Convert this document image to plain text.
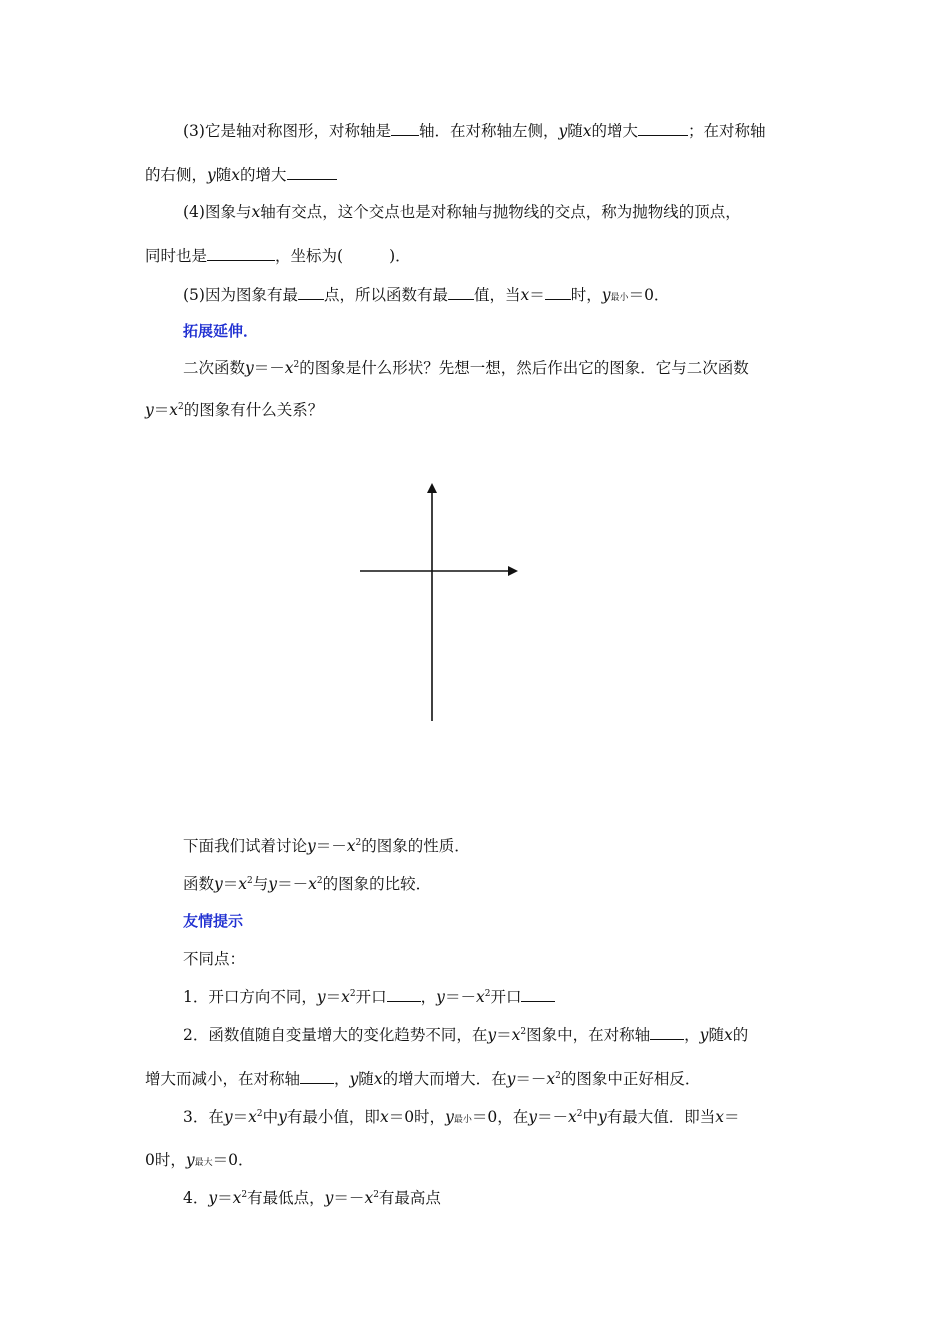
(3)它是轴对称图形，对称轴是 轴．在对称轴左侧，y随x的增大	；在对称轴
的右侧，y随x的增大
(4)图象与x轴有交点，这个交点也是对称轴与抛物线的交点，称为抛物线的顶点，
同时也是	，坐标为(	)．
(5)因为图象有最 点，所以函数有最 值，当x＝ 时，y最小＝0．
拓展延伸．
二次函数$y=-x^2$的图象是什么形状？先想一想，然后作出它的图象．它与二次函数
$y=x^2$的图象有什么关系？
下面我们试着讨论$y=-x^2$的图象的性质．
函数$y=x^2$与$y=-x^2$的图象的比较．
友情提示
不同点：
1．开口方向不同，$y=x^2$开口 ，$y=-x^2$开口
2．函数值随自变量增大的变化趋势不同，在$y=x^2$图象中，在对称轴 ，y随x的
增大而减小，在对称轴 ，y随x的增大而增大．在$y=-x^2$的图象中正好相反．
3．在$y=x^2$中y有最小值，即x＝0时，y最小＝0，在$y=-x^2$中y有最大值．即当x＝
0时，y最大＝0．
4．$y=x^2$有最低点，$y=-x^2$有最高点
